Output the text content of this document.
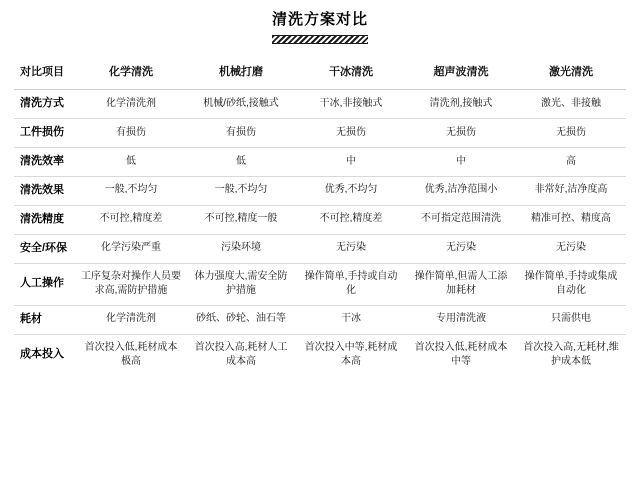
清洗方案对比
对比项目	化学清洗	机械打磨	干冰清洗	超声波清洗	激光清洗
清洗方式	化学清洗剂	机械/砂纸,接触式	干冰,非接触式	清洗剂,接触式	激光、非接触
工件损伤	有损伤	有损伤	无损伤	无损伤	无损伤
清洗效率	低	低	中	中	高
清洗效果	一般,不均匀	一般,不均匀	优秀,不均匀	优秀,洁净范围小	非常好,洁净度高
清洗精度	不可控,精度差	不可控,精度一般	不可控,精度差	不可指定范围清洗	精准可控、精度高
安全/环保	化学污染严重	污染环境	无污染	无污染	无污染
人工操作	工序复杂对操作人员要求高,需防护措施	体力强度大,需安全防护措施	操作简单,手持或自动化	操作简单,但需人工添加耗材	操作简单,手持或集成自动化
耗材	化学清洗剂	砂纸、砂轮、油石等	干冰	专用清洗液	只需供电
成本投入	首次投入低,耗材成本极高	首次投入高,耗材人工成本高	首次投入中等,耗材成本高	首次投入低,耗材成本中等	首次投入高,无耗材,维护成本低
